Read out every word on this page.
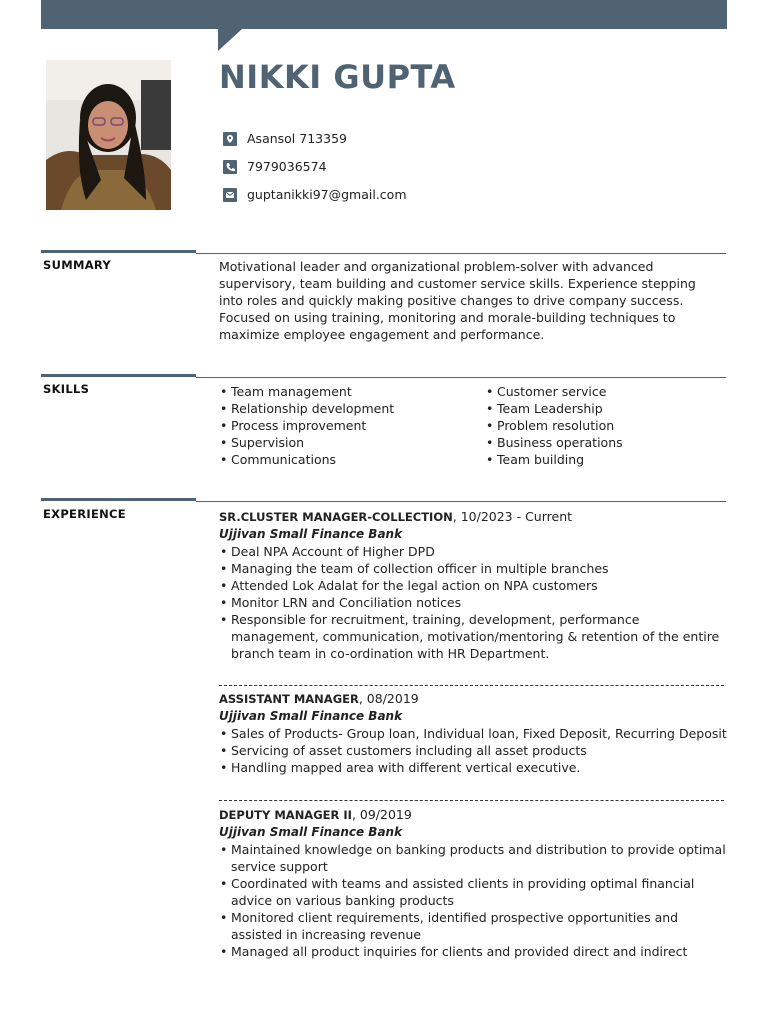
NIKKI GUPTA
Asansol 713359
7979036574
guptanikki97@gmail.com
SUMMARY	Motivational leader and organizational problem-solver with advanced supervisory, team building and customer service skills. Experience stepping into roles and quickly making positive changes to drive company success. Focused on using training, monitoring and morale-building techniques to maximize employee engagement and performance.

SKILLS
•	Team management
• Relationship development
• Process improvement
• Supervision
• Communications
• Customer service
• Team Leadership
• Problem resolution
• Business operations
• Team building
EXPERIENCE	SR.CLUSTER MANAGER-COLLECTION, 10/2023 - Current

Ujjivan Small Finance Bank

• Deal NPA Account of Higher DPD
• Managing the team of collection officer in multiple branches
• Attended Lok Adalat for the legal action on NPA customers
• Monitor LRN and Conciliation notices
• Responsible for recruitment, training, development, performance management, communication, motivation/mentoring & retention of the entire branch team in co-ordination with HR Department.

ASSISTANT MANAGER, 08/2019

Ujjivan Small Finance Bank

• Sales of Products- Group loan, Individual loan, Fixed Deposit, Recurring Deposit
• Servicing of asset customers including all asset products
• Handling mapped area with different vertical executive.

DEPUTY MANAGER II, 09/2019

Ujjivan Small Finance Bank

• Maintained knowledge on banking products and distribution to provide optimal service support
• Coordinated with teams and assisted clients in providing optimal financial advice on various banking products
• Monitored client requirements, identified prospective opportunities and assisted in increasing revenue
• Managed all product inquiries for clients and provided direct and indirect
